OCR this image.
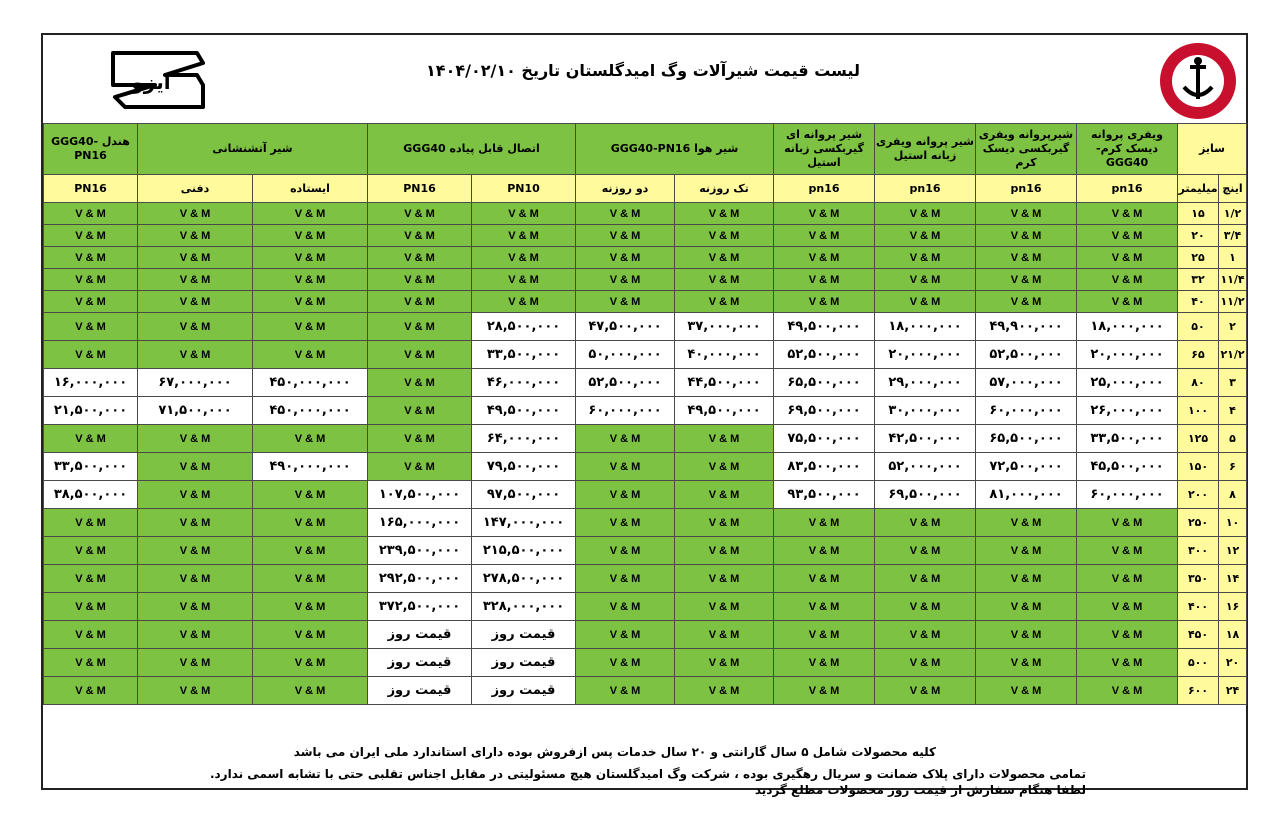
ایزو	لیست قیمت شیرآلات وگ امیدگلستان تاریخ ۱۴۰۴/۰۲/۱۰
سایز		ویفری پروانه دیسک کرم-GGG40	شیرپروانه ویفری گیربکسی دیسک کرم	شیر پروانه ویفری زبانه استیل	شیر پروانه ای گیربکسی زبانه استیل	شیر هوا GGG40-PN16		اتصال قابل پیاده GGG40		شیر آتشنشانی		هندل -GGG40 PN16
اینچ	میلیمتر	pn16	pn16	pn16	pn16	تک روزنه	دو روزنه	PN10	PN16	ایستاده	دفنی	PN16
۱/۲	۱۵	V & M	V & M	V & M	V & M	V & M	V & M	V & M	V & M	V & M	V & M	V & M
۳/۴	۲۰	V & M	V & M	V & M	V & M	V & M	V & M	V & M	V & M	V & M	V & M	V & M
۱	۲۵	V & M	V & M	V & M	V & M	V & M	V & M	V & M	V & M	V & M	V & M	V & M
۱۱/۴	۳۲	V & M	V & M	V & M	V & M	V & M	V & M	V & M	V & M	V & M	V & M	V & M
۱۱/۲	۴۰	V & M	V & M	V & M	V & M	V & M	V & M	V & M	V & M	V & M	V & M	V & M
۲	۵۰	۱۸,۰۰۰,۰۰۰	۴۹,۹۰۰,۰۰۰	۱۸,۰۰۰,۰۰۰	۴۹,۵۰۰,۰۰۰	۳۷,۰۰۰,۰۰۰	۴۷,۵۰۰,۰۰۰	۲۸,۵۰۰,۰۰۰	V & M	V & M	V & M	V & M
۲۱/۲	۶۵	۲۰,۰۰۰,۰۰۰	۵۲,۵۰۰,۰۰۰	۲۰,۰۰۰,۰۰۰	۵۲,۵۰۰,۰۰۰	۴۰,۰۰۰,۰۰۰	۵۰,۰۰۰,۰۰۰	۳۳,۵۰۰,۰۰۰	V & M	V & M	V & M	V & M
۳	۸۰	۲۵,۰۰۰,۰۰۰	۵۷,۰۰۰,۰۰۰	۲۹,۰۰۰,۰۰۰	۶۵,۵۰۰,۰۰۰	۴۴,۵۰۰,۰۰۰	۵۲,۵۰۰,۰۰۰	۴۶,۰۰۰,۰۰۰	V & M	۴۵۰,۰۰۰,۰۰۰	۶۷,۰۰۰,۰۰۰	۱۶,۰۰۰,۰۰۰
۴	۱۰۰	۲۶,۰۰۰,۰۰۰	۶۰,۰۰۰,۰۰۰	۳۰,۰۰۰,۰۰۰	۶۹,۵۰۰,۰۰۰	۴۹,۵۰۰,۰۰۰	۶۰,۰۰۰,۰۰۰	۴۹,۵۰۰,۰۰۰	V & M	۴۵۰,۰۰۰,۰۰۰	۷۱,۵۰۰,۰۰۰	۲۱,۵۰۰,۰۰۰
۵	۱۲۵	۳۳,۵۰۰,۰۰۰	۶۵,۵۰۰,۰۰۰	۴۲,۵۰۰,۰۰۰	۷۵,۵۰۰,۰۰۰	V & M	V & M	۶۴,۰۰۰,۰۰۰	V & M	V & M	V & M	V & M
۶	۱۵۰	۴۵,۵۰۰,۰۰۰	۷۲,۵۰۰,۰۰۰	۵۲,۰۰۰,۰۰۰	۸۳,۵۰۰,۰۰۰	V & M	V & M	۷۹,۵۰۰,۰۰۰	V & M	۴۹۰,۰۰۰,۰۰۰	V & M	۳۳,۵۰۰,۰۰۰
۸	۲۰۰	۶۰,۰۰۰,۰۰۰	۸۱,۰۰۰,۰۰۰	۶۹,۵۰۰,۰۰۰	۹۳,۵۰۰,۰۰۰	V & M	V & M	۹۷,۵۰۰,۰۰۰	۱۰۷,۵۰۰,۰۰۰	V & M	V & M	۳۸,۵۰۰,۰۰۰
۱۰	۲۵۰	V & M	V & M	V & M	V & M	V & M	V & M	۱۴۷,۰۰۰,۰۰۰	۱۶۵,۰۰۰,۰۰۰	V & M	V & M	V & M
۱۲	۳۰۰	V & M	V & M	V & M	V & M	V & M	V & M	۲۱۵,۵۰۰,۰۰۰	۲۳۹,۵۰۰,۰۰۰	V & M	V & M	V & M
۱۴	۳۵۰	V & M	V & M	V & M	V & M	V & M	V & M	۲۷۸,۵۰۰,۰۰۰	۲۹۲,۵۰۰,۰۰۰	V & M	V & M	V & M
۱۶	۴۰۰	V & M	V & M	V & M	V & M	V & M	V & M	۳۲۸,۰۰۰,۰۰۰	۳۷۲,۵۰۰,۰۰۰	V & M	V & M	V & M
۱۸	۴۵۰	V & M	V & M	V & M	V & M	V & M	V & M	قیمت روز	قیمت روز	V & M	V & M	V & M
۲۰	۵۰۰	V & M	V & M	V & M	V & M	V & M	V & M	قیمت روز	قیمت روز	V & M	V & M	V & M
۲۴	۶۰۰	V & M	V & M	V & M	V & M	V & M	V & M	قیمت روز	قیمت روز	V & M	V & M	V & M
کلیه محصولات شامل ۵ سال گارانتی و ۲۰ سال خدمات پس ازفروش بوده دارای استاندارد ملی ایران می باشد
تمامی محصولات دارای پلاک ضمانت و سریال رهگیری بوده ، شرکت وگ امیدگلستان هیچ مسئولیتی در مقابل اجناس تقلبی حتی با تشابه اسمی ندارد.
لطفا هنگام سفارش از قیمت روز محصولات مطلع گردید
